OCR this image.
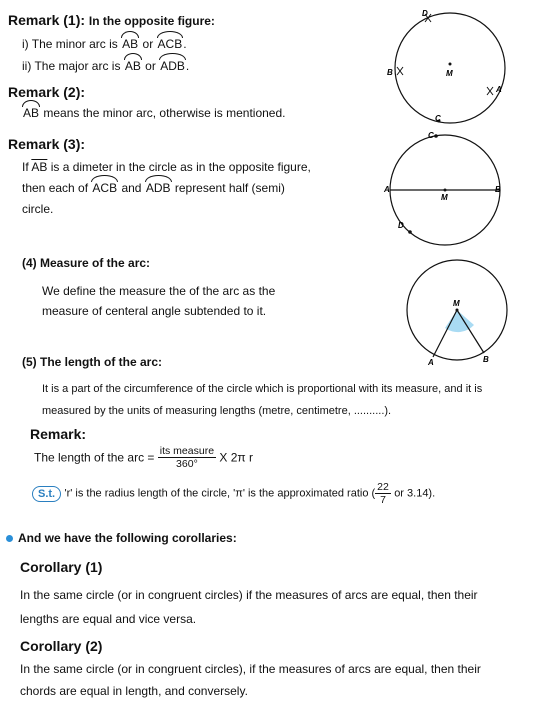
Remark (1): In the opposite figure:
i) The minor arc is AB or ACB.
ii) The major arc is AB or ADB.
D
B	M
A
C
Remark (2):
AB means the minor arc, otherwise is mentioned.
Remark (3):
If $\overline{AB}$ is a dimeter in the circle as in the opposite figure,
then each of ACB and ADB represent half (semi)
circle.
C
A
M
B
D
(4) Measure of the arc:
We define the measure the of the arc as the
measure of centeral angle subtended to it.
M
A	B
(5) The length of the arc:
It is a part of the circumference of the circle which is proportional with its measure, and it is
measured by the units of measuring lengths (metre, centimetre, ..........).
Remark:
The length of the arc = $\frac{\text{its measure}}{360^\circ}$ X 2π r
S.t. 'r' is the radius length of the circle, 'π' is the approximated ratio ( $\frac{22}{7}$ or 3.14).
And we have the following corollaries:
Corollary (1)
In the same circle (or in congruent circles) if the measures of arcs are equal, then their
lengths are equal and vice versa.
Corollary (2)
In the same circle (or in congruent circles), if the measures of arcs are equal, then their
chords are equal in length, and conversely.
